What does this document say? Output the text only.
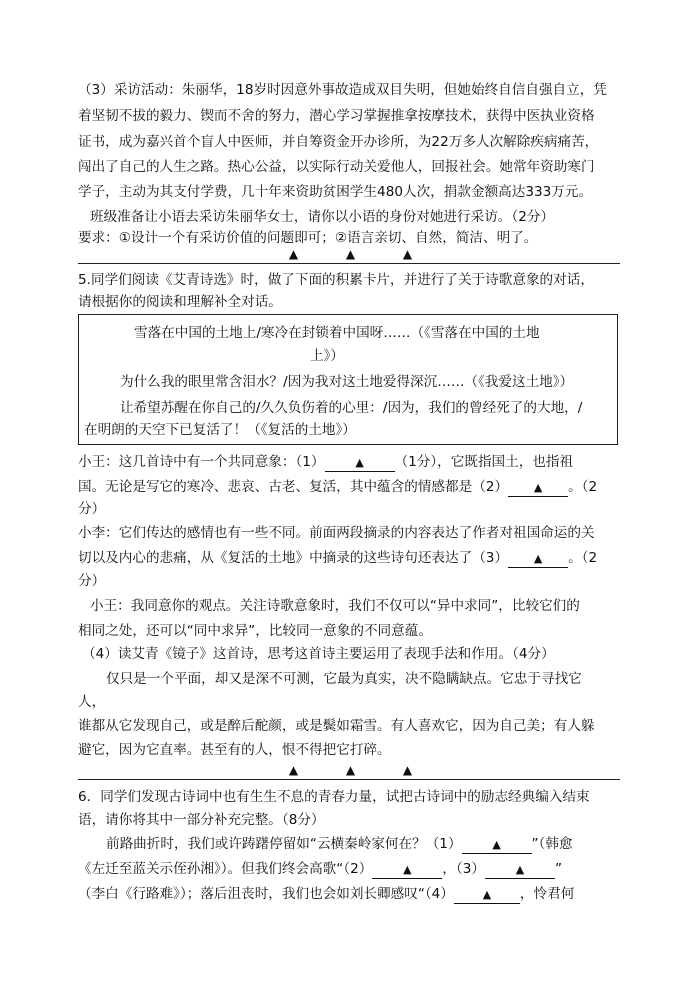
（3）采访活动：朱丽华，18岁时因意外事故造成双目失明，但她始终自信自强自立，凭
着坚韧不拔的毅力、锲而不舍的努力，潜心学习掌握推拿按摩技术，获得中医执业资格
证书，成为嘉兴首个盲人中医师，并自筹资金开办诊所，为22万多人次解除疾病痛苦，
闯出了自己的人生之路。热心公益，以实际行动关爱他人，回报社会。她常年资助寒门
学子，主动为其支付学费，几十年来资助贫困学生480人次，捐款金额高达333万元。
班级准备让小语去采访朱丽华女士，请你以小语的身份对她进行采访。（2分）
要求：①设计一个有采访价值的问题即可；②语言亲切、自然，简洁、明了。
▲ ▲ ▲
5.同学们阅读《艾青诗选》时，做了下面的积累卡片，并进行了关于诗歌意象的对话，
请根据你的阅读和理解补全对话。
雪落在中国的土地上/寒冷在封锁着中国呀……（《雪落在中国的土地
上》）
为什么我的眼里常含泪水？/因为我对这土地爱得深沉……（《我爱这土地》）
让希望苏醒在你自己的/久久负伤着的心里：/因为，我们的曾经死了的大地，/
在明朗的天空下已复活了！（《复活的土地》）
小王：这几首诗中有一个共同意象：（1）	▲ （1分），它既指国土，也指祖
国。无论是写它的寒冷、悲哀、古老、复活，其中蕴含的情感都是（2） ▲ 。（2
分）
小李：它们传达的感情也有一些不同。前面两段摘录的内容表达了作者对祖国命运的关
切以及内心的悲痛，从《复活的土地》中摘录的这些诗句还表达了（3） ▲ 。（2
分）
小王：我同意你的观点。关注诗歌意象时，我们不仅可以“异中求同”，比较它们的
相同之处，还可以“同中求异”，比较同一意象的不同意蕴。
（4）读艾青《镜子》这首诗，思考这首诗主要运用了表现手法和作用。（4分）
仅只是一个平面，却又是深不可测，它最为真实，决不隐瞒缺点。它忠于寻找它
人，
谁都从它发现自己，或是醉后酡颜，或是鬓如霜雪。有人喜欢它，因为自己美；有人躲
避它，因为它直率。甚至有的人，恨不得把它打碎。
▲ ▲ ▲
6．同学们发现古诗词中也有生生不息的青春力量，试把古诗词中的励志经典编入结束
语，请你将其中一部分补充完整。（8分）
前路曲折时，我们或许踌躇停留如“云横秦岭家何在？（1）	▲ ”（韩愈
《左迁至蓝关示侄孙湘》）。但我们终会高歌“（2）	▲ ，（3）	▲ ”
（李白《行路难》）；落后沮丧时，我们也会如刘长卿感叹“（4）	▲ ，怜君何
